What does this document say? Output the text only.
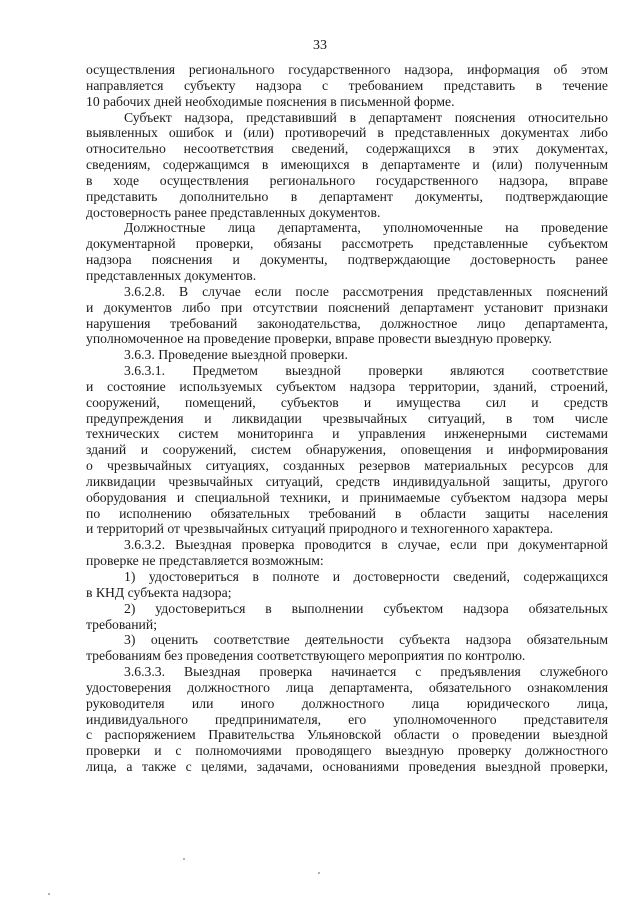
33
осуществления регионального государственного надзора, информация об этом
направляется субъекту надзора с требованием представить в течение
10 рабочих дней необходимые пояснения в письменной форме.
Субъект надзора, представивший в департамент пояснения относительно
выявленных ошибок и (или) противоречий в представленных документах либо
относительно несоответствия сведений, содержащихся в этих документах,
сведениям, содержащимся в имеющихся в департаменте и (или) полученным
в ходе осуществления регионального государственного надзора, вправе
представить дополнительно в департамент документы, подтверждающие
достоверность ранее представленных документов.
Должностные лица департамента, уполномоченные на проведение
документарной проверки, обязаны рассмотреть представленные субъектом
надзора пояснения и документы, подтверждающие достоверность ранее
представленных документов.
3.6.2.8. В случае если после рассмотрения представленных пояснений
и документов либо при отсутствии пояснений департамент установит признаки
нарушения требований законодательства, должностное лицо департамента,
уполномоченное на проведение проверки, вправе провести выездную проверку.
3.6.3. Проведение выездной проверки.
3.6.3.1. Предметом выездной проверки являются соответствие
и состояние используемых субъектом надзора территории, зданий, строений,
сооружений, помещений, субъектов и имущества сил и средств
предупреждения и ликвидации чрезвычайных ситуаций, в том числе
технических систем мониторинга и управления инженерными системами
зданий и сооружений, систем обнаружения, оповещения и информирования
о чрезвычайных ситуациях, созданных резервов материальных ресурсов для
ликвидации чрезвычайных ситуаций, средств индивидуальной защиты, другого
оборудования и специальной техники, и принимаемые субъектом надзора меры
по исполнению обязательных требований в области защиты населения
и территорий от чрезвычайных ситуаций природного и техногенного характера.
3.6.3.2. Выездная проверка проводится в случае, если при документарной
проверке не представляется возможным:
1) удостовериться в полноте и достоверности сведений, содержащихся
в КНД субъекта надзора;
2) удостовериться в выполнении субъектом надзора обязательных
требований;
3) оценить соответствие деятельности субъекта надзора обязательным
требованиям без проведения соответствующего мероприятия по контролю.
3.6.3.3. Выездная проверка начинается с предъявления служебного
удостоверения должностного лица департамента, обязательного ознакомления
руководителя или иного должностного лица юридического лица,
индивидуального предпринимателя, его уполномоченного представителя
с распоряжением Правительства Ульяновской области о проведении выездной
проверки и с полномочиями проводящего выездную проверку должностного
лица, а также с целями, задачами, основаниями проведения выездной проверки,
